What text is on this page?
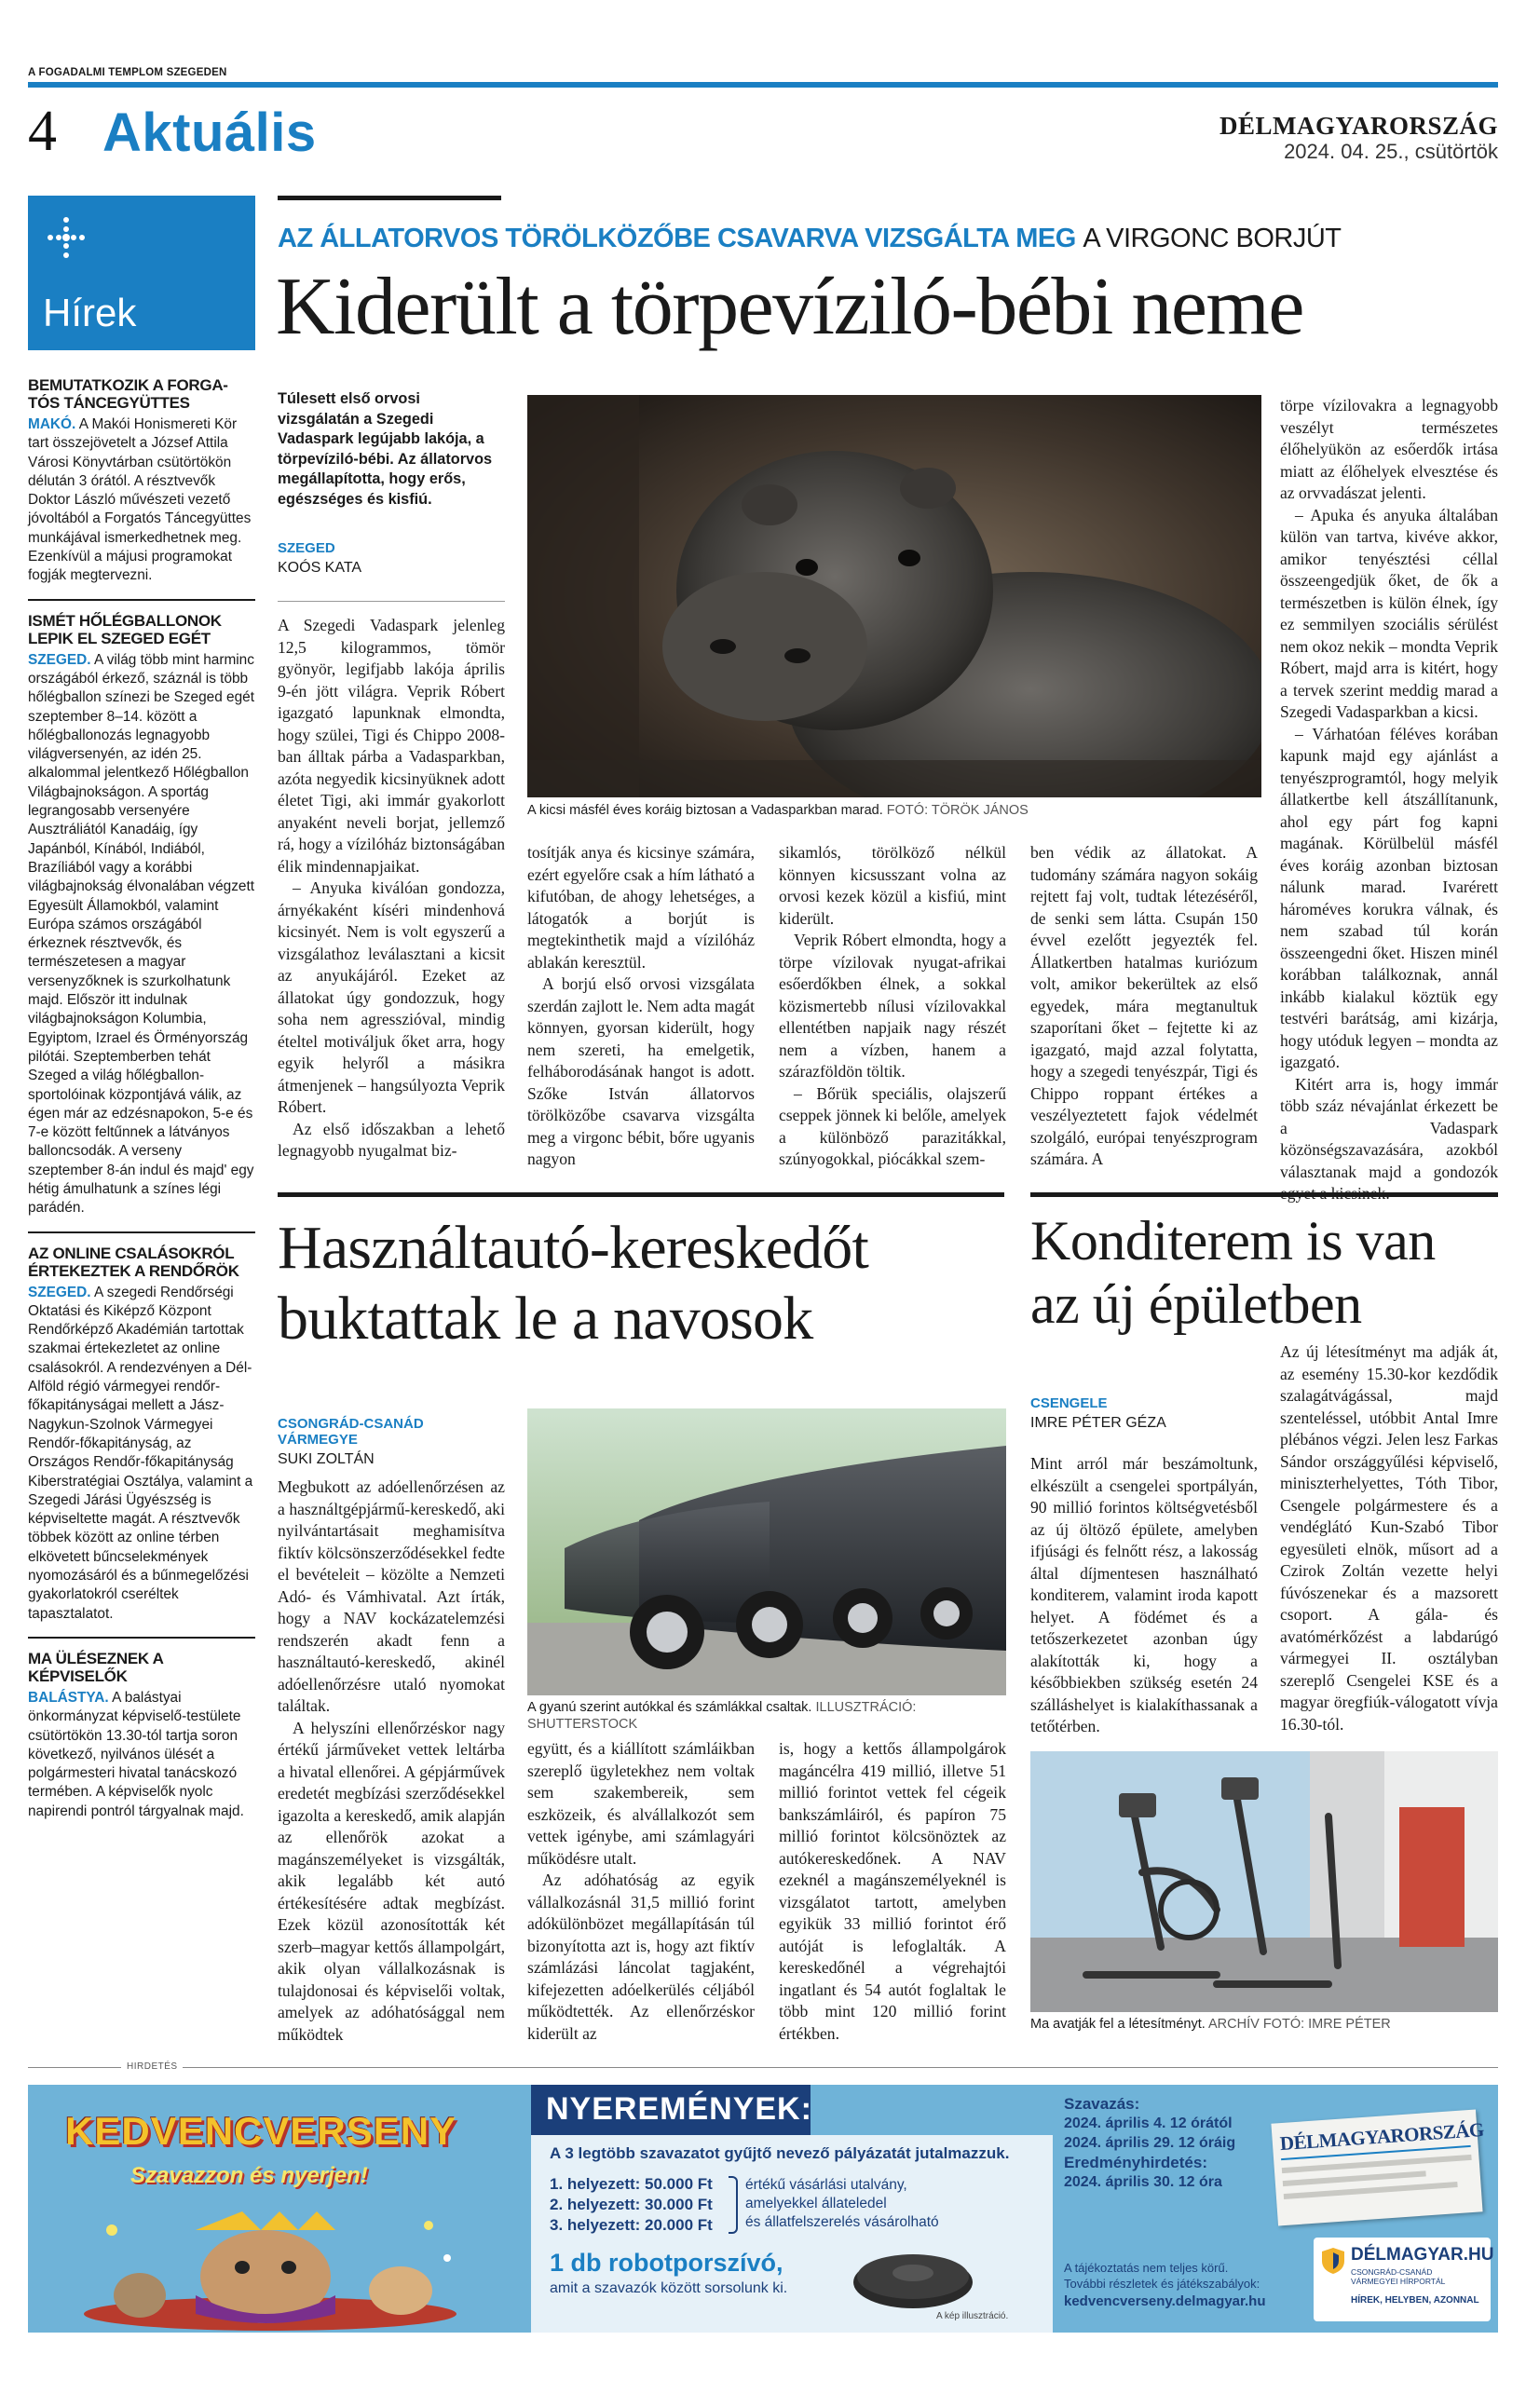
A FOGADALMI TEMPLOM SZEGEDEN
4 Aktuális	DÉLMAGYARORSZÁG
2024. 04. 25., csütörtök
Hírek
BEMUTATKOZIK A FORGA-TÓS TÁNCEGYÜTTES
MAKÓ. A Makói Honismereti Kör tart összejövetelt a József Attila Városi Könyvtárban csütörtökön délután 3 órától. A résztvevők Doktor László művészeti vezető jóvoltából a Forgatós Táncegyüttes munkájával ismerkedhetnek meg. Ezenkívül a májusi programokat fogják megtervezni.
ISMÉT HŐLÉGBALLONOK LEPIK EL SZEGED EGÉT
SZEGED. A világ több mint harminc országából érkező, száznál is több hőlégballon színezi be Szeged egét szeptember 8–14. között a hőlégballonozás legnagyobb világversenyén, az idén 25. alkalommal jelentkező Hőlégballon Világbajnokságon. A sportág legrangosabb versenyére Ausztráliától Kanadáig, így Japánból, Kínából, Indiából, Brazíliából vagy a korábbi világbajnokság élvonalában végzett Egyesült Államokból, valamint Európa számos országából érkeznek résztvevők, és természetesen a magyar versenyzőknek is szurkolhatunk majd. Először itt indulnak világbajnokságon Kolumbia, Egyiptom, Izrael és Örményország pilótái. Szeptemberben tehát Szeged a világ hőlégballon-sportolóinak központjává válik, az égen már az edzésnapokon, 5-e és 7-e között feltűnnek a látványos balloncsodák. A verseny szeptember 8-án indul és majd' egy hétig ámulhatunk a színes légi parádén.
AZ ONLINE CSALÁSOKRÓL ÉRTEKEZTEK A RENDŐRÖK
SZEGED. A szegedi Rendőrségi Oktatási és Kiképző Központ Rendőrképző Akadémián tartottak szakmai értekezletet az online csalásokról. A rendezvényen a Dél-Alföld régió vármegyei rendőr-főkapitányságai mellett a Jász-Nagykun-Szolnok Vármegyei Rendőr-főkapitányság, az Országos Rendőr-főkapitányság Kiberstratégiai Osztálya, valamint a Szegedi Járási Ügyészség is képviseltette magát. A résztvevők többek között az online térben elkövetett bűncselekmények nyomozásáról és a bűnmegelőzési gyakorlatokról cseréltek tapasztalatot.
MA ÜLÉSEZNEK A KÉPVISELŐK
BALÁSTYA. A balástyai önkormányzat képviselő-testülete csütörtökön 13.30-tól tartja soron következő, nyilvános ülését a polgármesteri hivatal tanácskozó termében. A képviselők nyolc napirendi pontról tárgyalnak majd.
AZ ÁLLATORVOS TÖRÖLKÖZŐBE CSAVARVA VIZSGÁLTA MEG A VIRGONC BORJÚT
Kiderült a törpevíziló-bébi neme
Túlesett első orvosi vizsgálatán a Szegedi Vadaspark legújabb lakója, a törpevíziló-bébi. Az állatorvos megállapította, hogy erős, egészséges és kisfiú.
SZEGED
KOÓS KATA
A kicsi másfél éves koráig biztosan a Vadasparkban marad. FOTÓ: TÖRÖK JÁNOS

A Szegedi Vadaspark jelenleg 12,5 kilogrammos, tömör gyönyör, legifjabb lakója április 9-én jött világra. Veprik Róbert igazgató lapunknak elmondta, hogy szülei, Tigi és Chippo 2008-ban álltak párba a Vadasparkban, azóta negyedik kicsinyüknek adott életet Tigi, aki immár gyakorlott anyaként neveli borjat, jellemző rá, hogy a vízilóház biztonságában élik mindennapjaikat.

– Anyuka kiválóan gondozza, árnyékaként kíséri mindenhová kicsinyét. Nem is volt egyszerű a vizsgálathoz leválasztani a kicsit az anyukájáról. Ezeket az állatokat úgy gondozzuk, hogy soha nem agresszióval, mindig ételtel motiváljuk őket arra, hogy egyik helyről a másikra átmenjenek – hangsúlyozta Veprik Róbert.

Az első időszakban a lehető legnagyobb nyugalmat biz-

tosítják anya és kicsinye számára, ezért egyelőre csak a hím látható a kifutóban, de ahogy lehetséges, a látogatók a borjút is megtekinthetik majd a vízilóház ablakán keresztül.

A borjú első orvosi vizsgálata szerdán zajlott le. Nem adta magát könnyen, gyorsan kiderült, hogy nem szereti, ha emelgetik, felháborodásának hangot is adott. Szőke István állatorvos törölközőbe csavarva vizsgálta meg a virgonc bébit, bőre ugyanis nagyon

sikamlós, törölköző nélkül könnyen kicsusszant volna az orvosi kezek közül a kisfiú, mint kiderült.

Veprik Róbert elmondta, hogy a törpe vízilovak nyugat-afrikai esőerdőkben élnek, a sokkal közismertebb nílusi vízilovakkal ellentétben napjaik nagy részét nem a vízben, hanem a szárazföldön töltik.

– Bőrük speciális, olajszerű cseppek jönnek ki belőle, amelyek a különböző parazitákkal, szúnyogokkal, piócákkal szem-

ben védik az állatokat. A tudomány számára nagyon sokáig rejtett faj volt, tudtak létezéséről, de senki sem látta. Csupán 150 évvel ezelőtt jegyezték fel. Állatkertben hatalmas kuriózum volt, amikor bekerültek az első egyedek, mára megtanultuk szaporítani őket – fejtette ki az igazgató, majd azzal folytatta, hogy a szegedi tenyészpár, Tigi és Chippo roppant értékes a veszélyeztetett fajok védelmét szolgáló, európai tenyészprogram számára. A

törpe vízilovakra a legnagyobb veszélyt természetes élőhelyükön az esőerdők irtása miatt az élőhelyek elvesztése és az orvvadászat jelenti.

– Apuka és anyuka általában külön van tartva, kivéve akkor, amikor tenyésztési céllal összeengedjük őket, de ők a természetben is külön élnek, így ez semmilyen szociális sérülést nem okoz nekik – mondta Veprik Róbert, majd arra is kitért, hogy a tervek szerint meddig marad a Szegedi Vadasparkban a kicsi.

– Várhatóan féléves korában kapunk majd egy ajánlást a tenyészprogramtól, hogy melyik állatkertbe kell átszállítanunk, ahol egy párt fog kapni magának. Körülbelül másfél éves koráig azonban biztosan nálunk marad. Ivarérett hároméves korukra válnak, és nem szabad túl korán összeengedni őket. Hiszen minél korábban találkoznak, annál inkább kialakul köztük egy testvéri barátság, ami kizárja, hogy utóduk legyen – mondta az igazgató.

Kitért arra is, hogy immár több száz névajánlat érkezett be a Vadaspark közönségszavazására, azokból választanak majd a gondozók

Használtautó-kereskedőt
buktattak le a navosok
CSONGRÁD-CSANÁD VÁRMEGYE
SUKI ZOLTÁN
A gyanú szerint autókkal és számlákkal csaltak. ILLUSZTRÁCIÓ: SHUTTERSTOCK

Megbukott az adóellenőrzésen az a használtgépjármű-kereskedő, aki nyilvántartásait meghamisítva fiktív kölcsönszerződésekkel fedte el bevételeit – közölte a Nemzeti Adó- és Vámhivatal. Azt írták, hogy a NAV kockázatelemzési rendszerén akadt fenn a használtautó-kereskedő, akinél adóellenőrzésre utaló nyomokat találtak.

A helyszíni ellenőrzéskor nagy értékű járműveket vettek leltárba a hivatal ellenőrei. A gépjárművek eredetét megbízási szerződésekkel igazolta a kereskedő, amik alapján az ellenőrök azokat a magánszemélyeket is vizsgálták, akik legalább két autó értékesítésére adtak megbízást. Ezek közül azonosították két szerb–magyar kettős állampolgárt, akik olyan vállalkozásnak is tulajdonosai és képviselői voltak, amelyek az adóhatósággal nem működtek

együtt, és a kiállított számláikban szereplő ügyletekhez nem voltak sem szakembereik, sem eszközeik, és alvállalkozót sem vettek igénybe, ami számlagyári működésre utalt.

Az adóhatóság az egyik vállalkozásnál 31,5 millió forint adókülönbözet megállapításán túl bizonyította azt is, hogy azt fiktív számlázási láncolat tagjaként, kifejezetten adóelkerülés céljából működtették. Az ellenőrzéskor kiderült az

is, hogy a kettős állampolgárok magáncélra 419 millió, illetve 51 millió forintot vettek fel cégeik bankszámláiról, és papíron 75 millió forintot kölcsönöztek az autókereskedőnek. A NAV ezeknél a magánszemélyeknél is vizsgálatot tartott, amelyben egyikük 33 millió forintot érő autóját is lefoglalták. A kereskedőnél a végrehajtói ingatlant és 54 autót foglaltak le több mint 120 millió forint értékben.

Konditerem is van
az új épületben
CSENGELE
IMRE PÉTER GÉZA

Mint arról már beszámoltunk, elkészült a csengelei sportpályán, 90 millió forintos költségvetésből az új öltöző épülete, amelyben ifjúsági és felnőtt rész, a lakosság által díjmentesen használható konditerem, valamint iroda kapott helyet. A födémet és a tetőszerkezetet azonban úgy alakították ki, hogy a későbbiekben szükség esetén 24 szálláshelyet is kialakíthassanak a tetőtérben.

Az új létesítményt ma adják át, az esemény 15.30-kor kezdődik szalagátvágással, majd szenteléssel, utóbbit Antal Imre plébános végzi. Jelen lesz Farkas Sándor országgyűlési képviselő, miniszterhelyettes, Tóth Tibor, Csengele polgármestere és a vendéglátó Kun-Szabó Tibor egyesületi elnök, műsort ad a Czirok Zoltán vezette helyi fúvószenekar és a mazsorett csoport. A gála- és avatómérkőzést a labdarúgó vármegyei II. osztályban szereplő Csengelei KSE és a magyar öregfiúk-válogatott vívja 16.30-tól.

Ma avatják fel a létesítményt. ARCHÍV FOTÓ: IMRE PÉTER
HIRDETÉS
KEDVENCVERSENY
Szavazzon és nyerjen!
NYEREMÉNYEK:
A 3 legtöbb szavazatot gyűjtő nevező pályázatát jutalmazzuk.
1. helyezett: 50.000 Ft
2. helyezett: 30.000 Ft
3. helyezett: 20.000 Ft
értékű vásárlási utalvány,
amelyekkel állateledel
és állatfelszerelés vásárolható
1 db robotporszívó,
amit a szavazók között sorsolunk ki.
A kép illusztráció.
Szavazás:
2024. április 4. 12 órától
2024. április 29. 12 óráig
Eredményhirdetés:
2024. április 30. 12 óra
A tájékoztatás nem teljes körű.
További részletek és játékszabályok:
kedvencverseny.delmagyar.hu
DÉLMAGYARORSZÁG
DÉLMAGYAR.HU
CSONGRÁD-CSANÁD
VÁRMEGYEI HÍRPORTÁL
HÍREK, HELYBEN, AZONNAL
